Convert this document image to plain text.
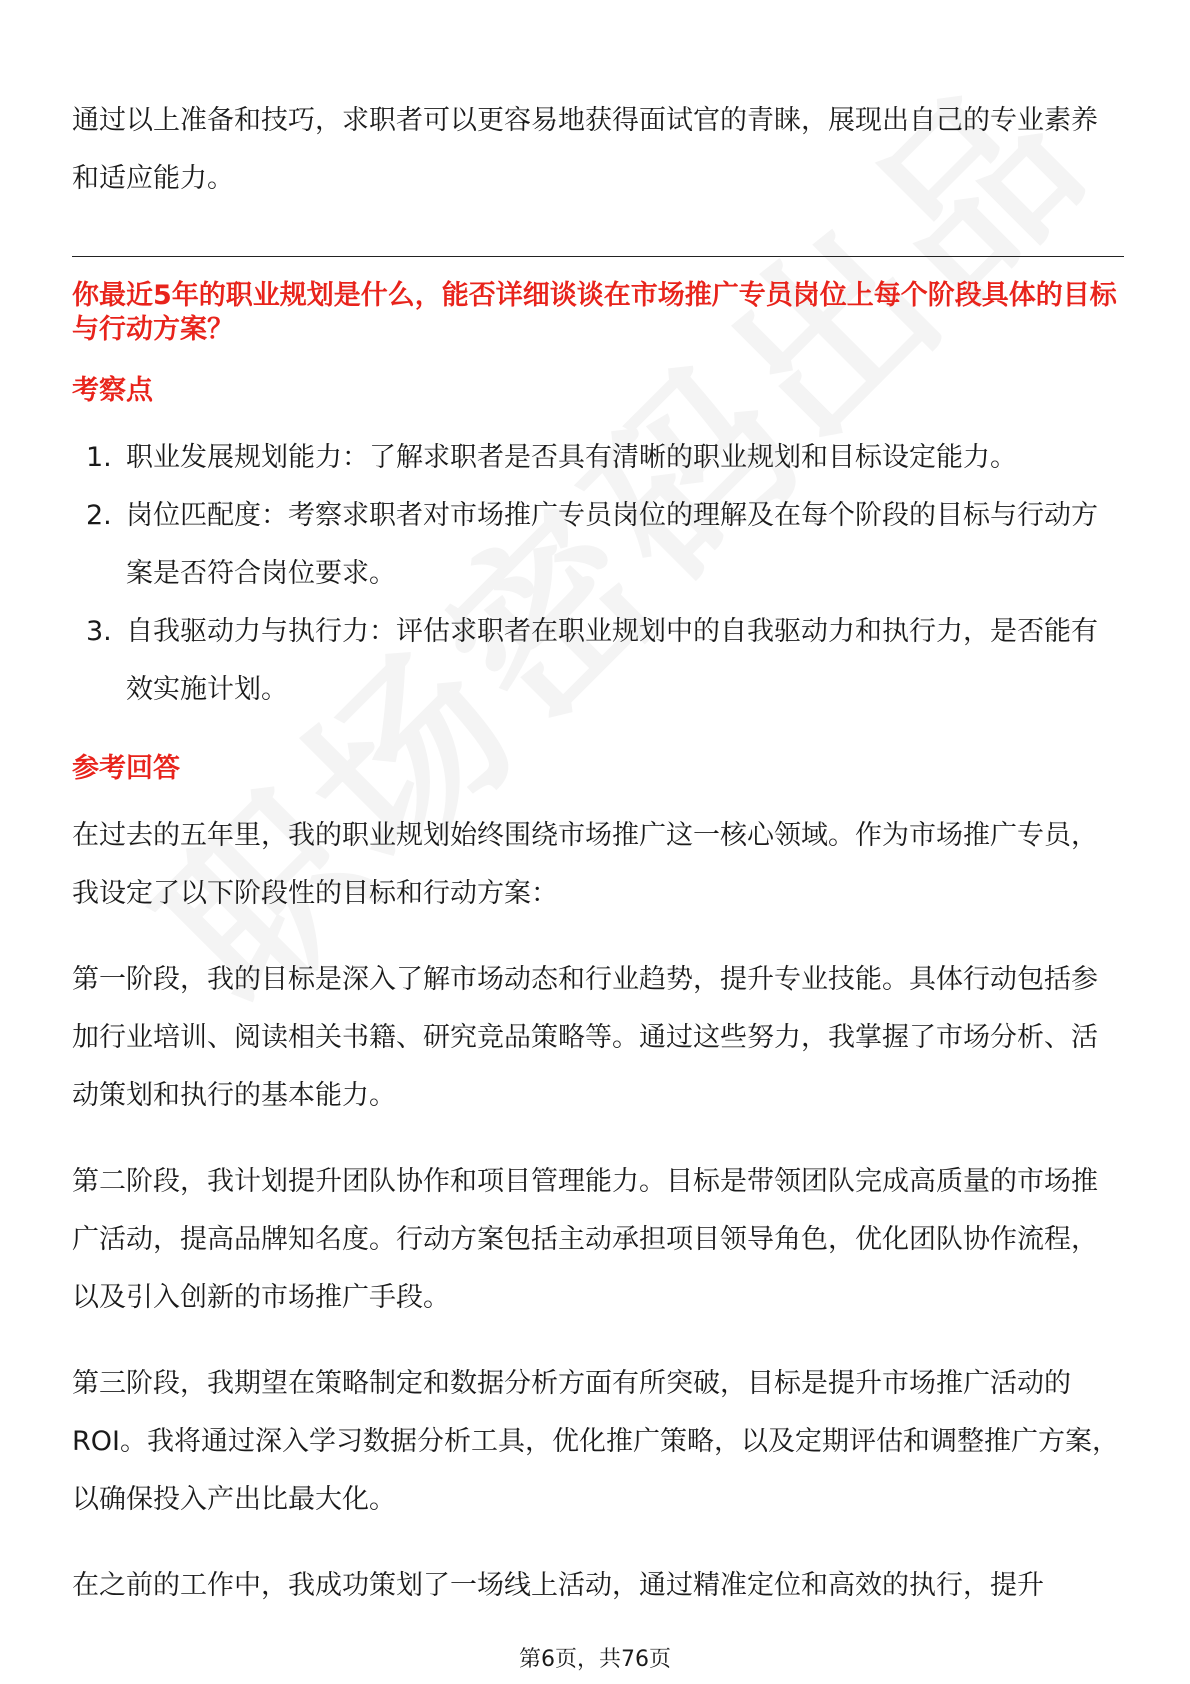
通过以上准备和技巧，求职者可以更容易地获得面试官的青睐，展现出自己的专业素养和适应能力。

你最近5年的职业规划是什么，能否详细谈谈在市场推广专员岗位上每个阶段具体的目标与行动方案？

考察点
1. 职业发展规划能力：了解求职者是否具有清晰的职业规划和目标设定能力。
2. 岗位匹配度：考察求职者对市场推广专员岗位的理解及在每个阶段的目标与行动方案是否符合岗位要求。
3. 自我驱动力与执行力：评估求职者在职业规划中的自我驱动力和执行力，是否能有效实施计划。
参考回答

在过去的五年里，我的职业规划始终围绕市场推广这一核心领域。作为市场推广专员，我设定了以下阶段性的目标和行动方案：

第一阶段，我的目标是深入了解市场动态和行业趋势，提升专业技能。具体行动包括参加行业培训、阅读相关书籍、研究竞品策略等。通过这些努力，我掌握了市场分析、活动策划和执行的基本能力。

第二阶段，我计划提升团队协作和项目管理能力。目标是带领团队完成高质量的市场推广活动，提高品牌知名度。行动方案包括主动承担项目领导角色，优化团队协作流程，以及引入创新的市场推广手段。

第三阶段，我期望在策略制定和数据分析方面有所突破，目标是提升市场推广活动的ROI。我将通过深入学习数据分析工具，优化推广策略，以及定期评估和调整推广方案，以确保投入产出比最大化。

在之前的工作中，我成功策划了一场线上活动，通过精准定位和高效的执行，提升

第6页，共76页
